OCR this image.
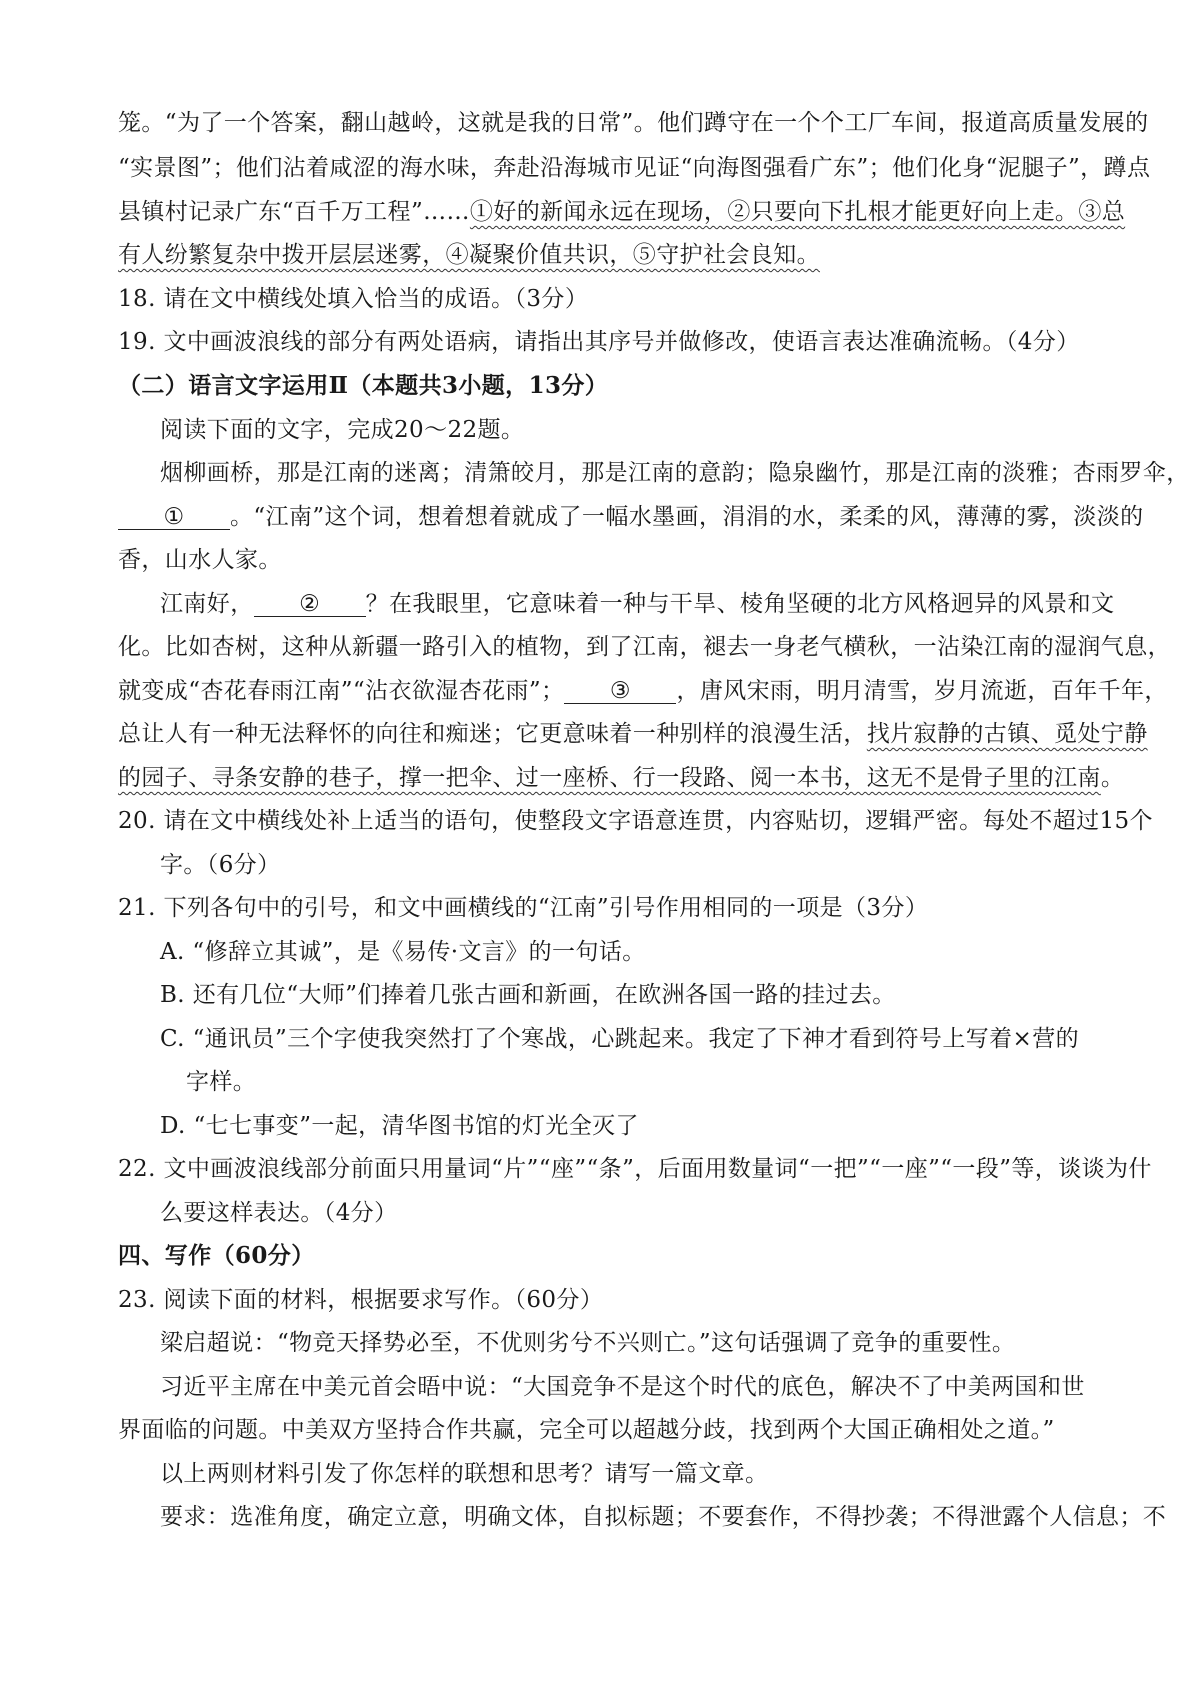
笼。“为了一个答案，翻山越岭，这就是我的日常”。他们蹲守在一个个工厂车间，报道高质量发展的
“实景图”；他们沾着咸涩的海水味，奔赴沿海城市见证“向海图强看广东”；他们化身“泥腿子”，蹲点
县镇村记录广东“百千万工程”……①好的新闻永远在现场，②只要向下扎根才能更好向上走。③总
有人纷繁复杂中拨开层层迷雾，④凝聚价值共识，⑤守护社会良知。
18. 请在文中横线处填入恰当的成语。（3分）
19. 文中画波浪线的部分有两处语病，请指出其序号并做修改，使语言表达准确流畅。（4分）
（二）语言文字运用Ⅱ（本题共3小题，13分）
阅读下面的文字，完成20～22题。
烟柳画桥，那是江南的迷离；清箫皎月，那是江南的意韵；隐泉幽竹，那是江南的淡雅；杏雨罗伞，
① 。“江南”这个词，想着想着就成了一幅水墨画，涓涓的水，柔柔的风，薄薄的雾，淡淡的
香，山水人家。
江南好， ② ？在我眼里，它意味着一种与干旱、棱角坚硬的北方风格迥异的风景和文
化。比如杏树，这种从新疆一路引入的植物，到了江南，褪去一身老气横秋，一沾染江南的湿润气息，
就变成“杏花春雨江南”“沾衣欲湿杏花雨”； ③ ，唐风宋雨，明月清雪，岁月流逝，百年千年，
总让人有一种无法释怀的向往和痴迷；它更意味着一种别样的浪漫生活，找片寂静的古镇、觅处宁静
的园子、寻条安静的巷子，撑一把伞、过一座桥、行一段路、阅一本书，这无不是骨子里的江南。
20. 请在文中横线处补上适当的语句，使整段文字语意连贯，内容贴切，逻辑严密。每处不超过15个
字。（6分）
21. 下列各句中的引号，和文中画横线的“江南”引号作用相同的一项是（3分）
A. “修辞立其诚”，是《易传·文言》的一句话。
B. 还有几位“大师”们捧着几张古画和新画，在欧洲各国一路的挂过去。
C. “通讯员”三个字使我突然打了个寒战，心跳起来。我定了下神才看到符号上写着×营的
字样。
D. “七七事变”一起，清华图书馆的灯光全灭了
22. 文中画波浪线部分前面只用量词“片”“座”“条”，后面用数量词“一把”“一座”“一段”等，谈谈为什
么要这样表达。（4分）
四、写作（60分）
23. 阅读下面的材料，根据要求写作。（60分）
梁启超说：“物竞天择势必至，不优则劣兮不兴则亡。”这句话强调了竞争的重要性。
习近平主席在中美元首会晤中说：“大国竞争不是这个时代的底色，解决不了中美两国和世
界面临的问题。中美双方坚持合作共赢，完全可以超越分歧，找到两个大国正确相处之道。”
以上两则材料引发了你怎样的联想和思考？请写一篇文章。
要求：选准角度，确定立意，明确文体，自拟标题；不要套作，不得抄袭；不得泄露个人信息；不
